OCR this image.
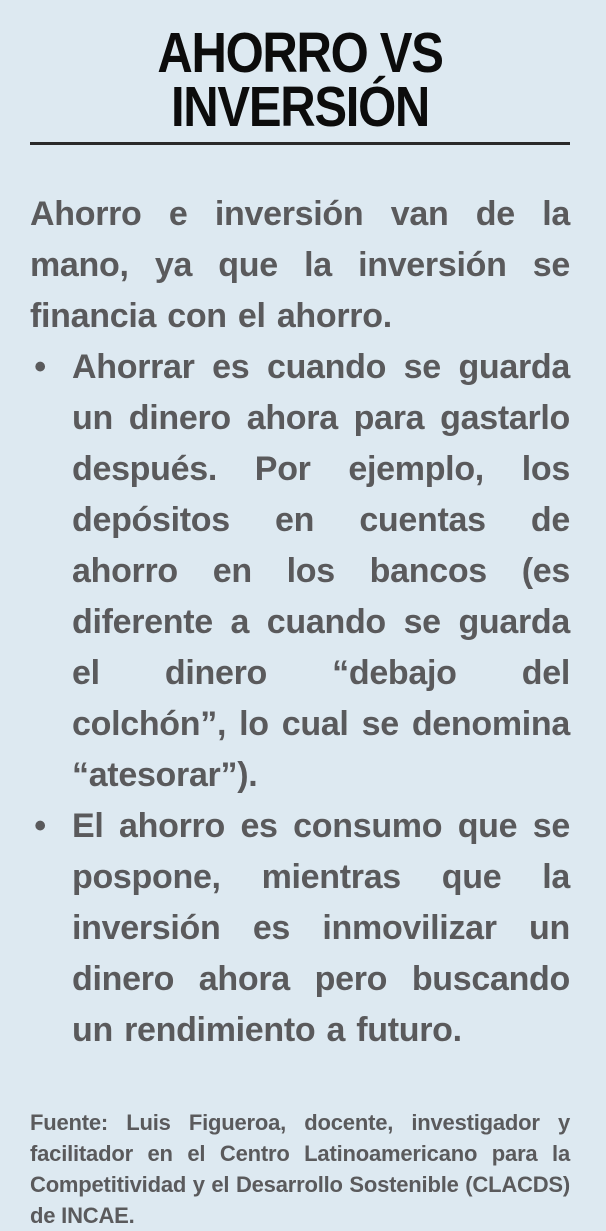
AHORRO VS
INVERSIÓN

Ahorro e inversión van de la mano, ya que la inversión se financia con el ahorro.

• Ahorrar es cuando se guarda un dinero ahora para gastarlo después. Por ejemplo, los depósitos en cuentas de ahorro en los bancos (es diferente a cuando se guarda el dinero “debajo del colchón”, lo cual se denomina “atesorar”).
• El ahorro es consumo que se pospone, mientras que la inversión es inmovilizar un dinero ahora pero buscando un rendimiento a futuro.

Fuente: Luis Figueroa, docente, investigador y facilitador en el Centro Latinoamericano para la Competitividad y el Desarrollo Sostenible (CLACDS) de INCAE.
